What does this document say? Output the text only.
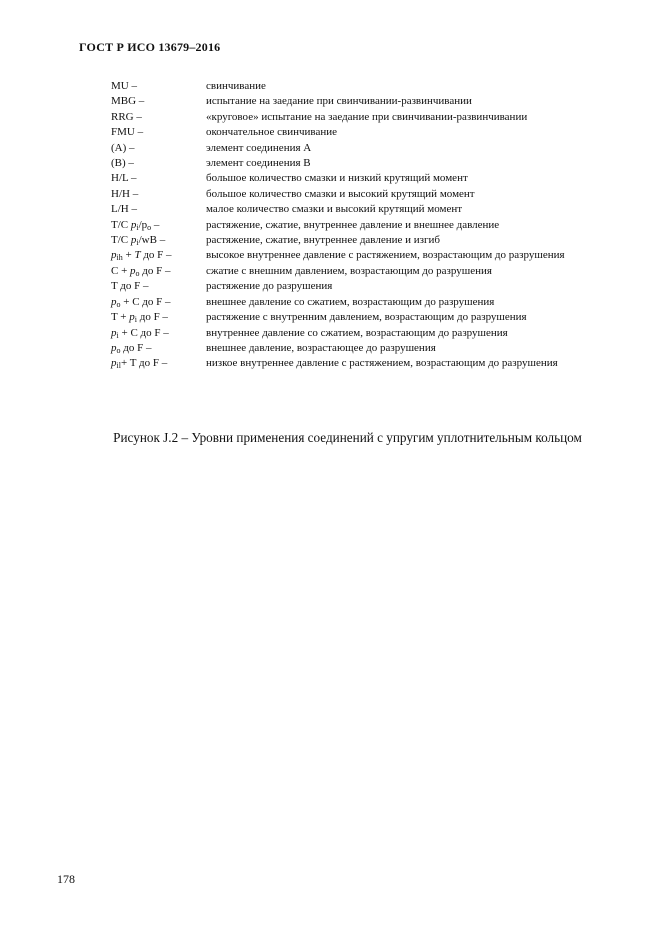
ГОСТ Р ИСО 13679–2016
MU –	свинчивание
MBG –	испытание на заедание при свинчивании-развинчивании
RRG –	«круговое» испытание на заедание при свинчивании-развинчивании
FMU –	окончательное свинчивание
(A) –	элемент соединения А
(B) –	элемент соединения В
H/L –	большое количество смазки и низкий крутящий момент
H/H –	большое количество смазки и высокий крутящий момент
L/H –	малое количество смазки и высокий крутящий момент
T/C $p_i/p_o$ –	растяжение, сжатие, внутреннее давление и внешнее давление
T/C $p_i/wB$ –	растяжение, сжатие, внутреннее давление и изгиб
$p_{ih} + T$ до F –	высокое внутреннее давление с растяжением, возрастающим до разрушения
$C + p_o$ до F –	сжатие с внешним давлением, возрастающим до разрушения
T до F –	растяжение до разрушения
$p_o + C$ до F –	внешнее давление со сжатием, возрастающим до разрушения
$T + p_i$ до F –	растяжение с внутренним давлением, возрастающим до разрушения
$p_i + C$ до F –	внутреннее давление со сжатием, возрастающим до разрушения
$p_o$ до F –	внешнее давление, возрастающее до разрушения
$p_{il}+ T$ до F –	низкое внутреннее давление с растяжением, возрастающим до разрушения
Рисунок J.2 – Уровни применения соединений с упругим уплотнительным кольцом
178
